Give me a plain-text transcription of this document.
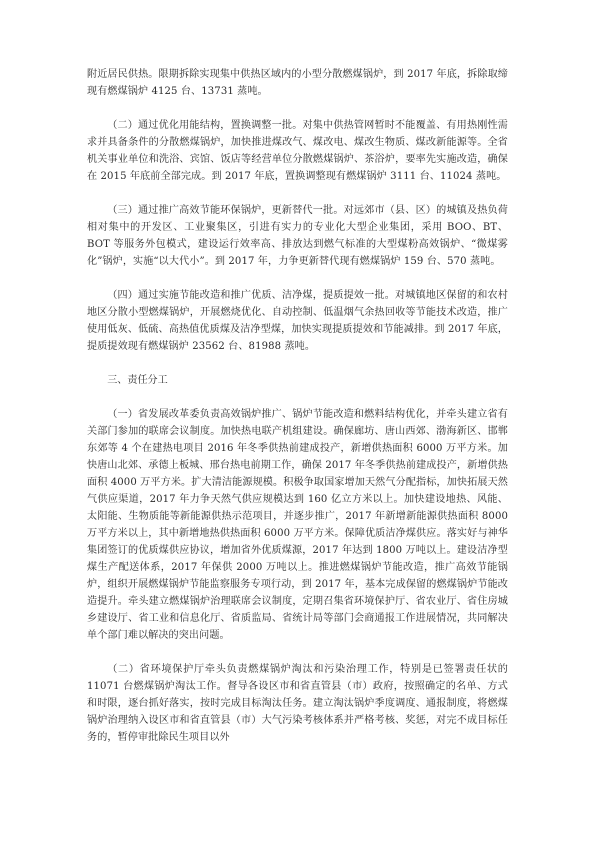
附近居民供热。限期拆除实现集中供热区域内的小型分散燃煤锅炉，到 2017 年底，拆除取缔现有燃煤锅炉 4125 台、13731 蒸吨。

（二）通过优化用能结构，置换调整一批。对集中供热管网暂时不能覆盖、有用热刚性需求并具备条件的分散燃煤锅炉，加快推进煤改气、煤改电、煤改生物质、煤改新能源等。全省机关事业单位和洗浴、宾馆、饭店等经营单位分散燃煤锅炉、茶浴炉，要率先实施改造，确保在 2015 年底前全部完成。到 2017 年底，置换调整现有燃煤锅炉 3111 台、11024 蒸吨。

（三）通过推广高效节能环保锅炉，更新替代一批。对远郊市（县、区）的城镇及热负荷相对集中的开发区、工业聚集区，引进有实力的专业化大型企业集团，采用 BOO、BT、BOT 等服务外包模式，建设运行效率高、排放达到燃气标准的大型煤粉高效锅炉、“微煤雾化”锅炉，实施“以大代小”。到 2017 年，力争更新替代现有燃煤锅炉 159 台、570 蒸吨。

（四）通过实施节能改造和推广优质、洁净煤，提质提效一批。对城镇地区保留的和农村地区分散小型燃煤锅炉，开展燃烧优化、自动控制、低温烟气余热回收等节能技术改造，推广使用低灰、低硫、高热值优质煤及洁净型煤，加快实现提质提效和节能减排。到 2017 年底，提质提效现有燃煤锅炉 23562 台、81988 蒸吨。

三、责任分工

（一）省发展改革委负责高效锅炉推广、锅炉节能改造和燃料结构优化，并牵头建立省有关部门参加的联席会议制度。加快热电联产机组建设。确保廊坊、唐山西郊、渤海新区、邯郸东郊等 4 个在建热电项目 2016 年冬季供热前建成投产，新增供热面积 6000 万平方米。加快唐山北郊、承德上板城、邢台热电前期工作，确保 2017 年冬季供热前建成投产，新增供热面积 4000 万平方米。扩大清洁能源规模。积极争取国家增加天然气分配指标，加快拓展天然气供应渠道，2017 年力争天然气供应规模达到 160 亿立方米以上。加快建设地热、风能、太阳能、生物质能等新能源供热示范项目，并逐步推广，2017 年新增新能源供热面积 8000 万平方米以上，其中新增地热供热面积 6000 万平方米。保障优质洁净煤供应。落实好与神华集团签订的优质煤供应协议，增加省外优质煤源，2017 年达到 1800 万吨以上。建设洁净型煤生产配送体系，2017 年保供 2000 万吨以上。推进燃煤锅炉节能改造，推广高效节能锅炉，组织开展燃煤锅炉节能监察服务专项行动，到 2017 年，基本完成保留的燃煤锅炉节能改造提升。牵头建立燃煤锅炉治理联席会议制度，定期召集省环境保护厅、省农业厅、省住房城乡建设厅、省工业和信息化厅、省质监局、省统计局等部门会商通报工作进展情况，共同解决单个部门难以解决的突出问题。

（二）省环境保护厅牵头负责燃煤锅炉淘汰和污染治理工作，特别是已签署责任状的 11071 台燃煤锅炉淘汰工作。督导各设区市和省直管县（市）政府，按照确定的名单、方式和时限，逐台抓好落实，按时完成目标淘汰任务。建立淘汰锅炉季度调度、通报制度，将燃煤锅炉治理纳入设区市和省直管县（市）大气污染考核体系并严格考核、奖惩，对完不成目标任务的，暂停审批除民生项目以外
